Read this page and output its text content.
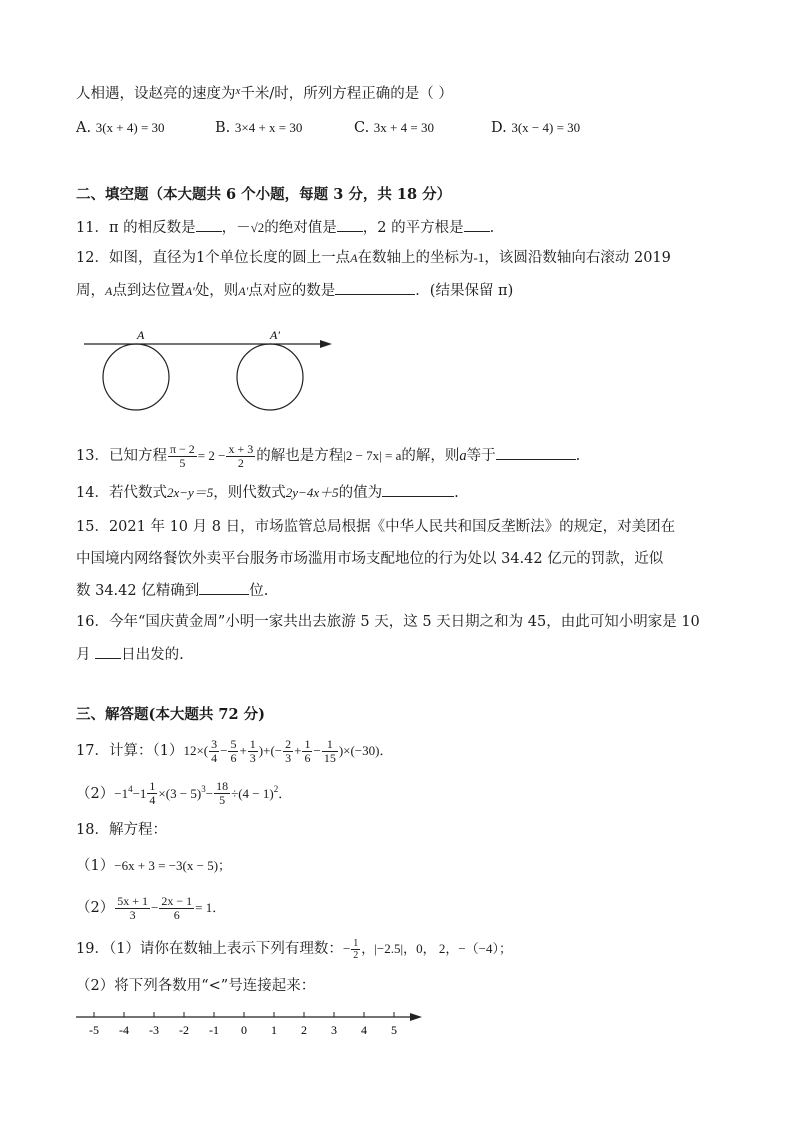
人相遇，设赵亮的速度为$^x$千米/时，所列方程正确的是（ ）
A. 3(x + 4) = 30	B. 3×4 + x = 30	C. 3x + 4 = 30	D. 3(x − 4) = 30
二、填空题（本大题共 6 个小题，每题 3 分，共 18 分）
11．π 的相反数是 ，－√2的绝对值是 ，2 的平方根是 .
12．如图，直径为1个单位长度的圆上一点A在数轴上的坐标为-1，该圆沿数轴向右滚动 2019
周，A点到达位置A′处，则A′点对应的数是	．(结果保留 π)
A	A′
13．已知方程 $\frac{\pi - 2}{5} = 2 - \frac{x + 3}{2}$ 的解也是方程|2 − 7x| = a的解，则a等于	.
14．若代数式2x−y＝5，则代数式2y−4x＋5的值为	.
15．2021 年 10 月 8 日，市场监管总局根据《中华人民共和国反垄断法》的规定，对美团在
中国境内网络餐饮外卖平台服务市场滥用市场支配地位的行为处以 34.42 亿元的罚款，近似
数 34.42 亿精确到	位.
16．今年“国庆黄金周”小明一家共出去旅游 5 天，这 5 天日期之和为 45，由此可知小明家是 10
月 日出发的.
三、解答题(本大题共 72 分)
17．计算：$(1)12\times( \frac{3}{4} - \frac{5}{6} + \frac{1}{3}$ )+(− $\frac{2}{3} + \frac{1}{6} - \frac{1}{15} )\times(-30)$．
$(2)-1^4-1 \frac{1}{4} \times(3 - 5)^3- \frac{18}{5} \div(4 - 1)^2$．
18．解方程：
（1）−6x + 3 = −3(x − 5)；
$(2) \frac{5x + 1}{3} - \frac{2x - 1}{6} = 1$．
19．（1）请你在数轴上表示下列有理数：− $\frac{1}{2}$ ，|−2.5|，0， 2，−（−4）；
（2）将下列各数用“<”号连接起来：
-5 -4 -3 -2 -1 0 1 2 3 4 5
